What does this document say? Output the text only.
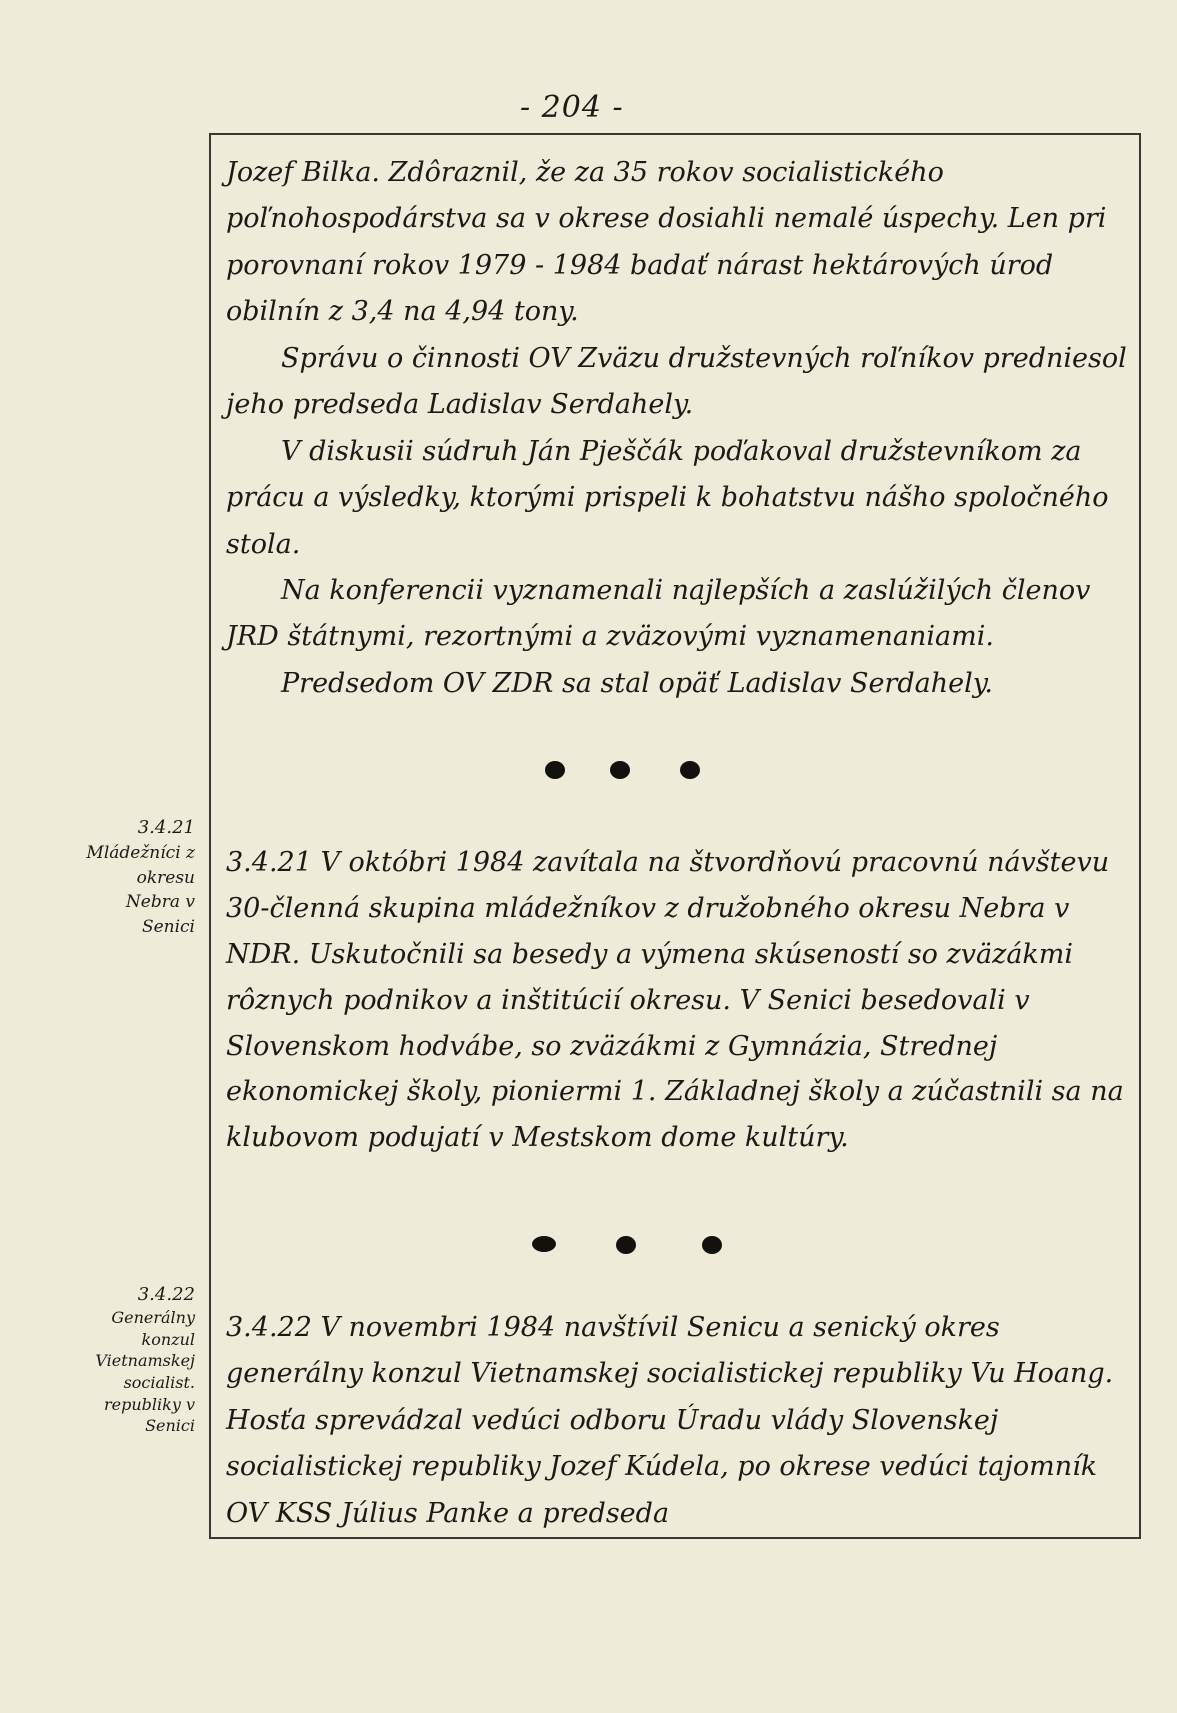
- 204 -

Jozef Bilka. Zdôraznil, že za 35 rokov socialistického poľnohospodárstva sa v okrese dosiahli nemalé úspechy. Len pri porovnaní rokov 1979 - 1984 badať nárast hektárových úrod obilnín z 3,4 na 4,94 tony.

Správu o činnosti OV Zväzu družstevných roľníkov predniesol jeho predseda Ladislav Serdahely.

V diskusii súdruh Ján Pješčák poďakoval družstevníkom za prácu a výsledky, ktorými prispeli k bohatstvu nášho spoločného stola.

Na konferencii vyznamenali najlepších a zaslúžilých členov JRD štátnymi, rezortnými a zväzovými vyznamenaniami.

Predsedom OV ZDR sa stal opäť Ladislav Serdahely.

3.4.21
Mládežníci z okresu Nebra v Senici

3.4.21 V októbri 1984 zavítala na štvordňovú pracovnú návštevu 30-členná skupina mládežníkov z družobného okresu Nebra v NDR. Uskutočnili sa besedy a výmena skúseností so zväzákmi rôznych podnikov a inštitúcií okresu. V Senici besedovali v Slovenskom hodvábe, so zväzákmi z Gymnázia, Strednej ekonomickej školy, pioniermi 1. Základnej školy a zúčastnili sa na klubovom podujatí v Mestskom dome kultúry.

3.4.22
Generálny konzul Vietnamskej socialist. republiky v Senici

3.4.22 V novembri 1984 navštívil Senicu a senický okres generálny konzul Vietnamskej socialistickej republiky Vu Hoang. Hosťa sprevádzal vedúci odboru Úradu vlády Slovenskej socialistickej republiky Jozef Kúdela, po okrese vedúci tajomník OV KSS Július Panke a predseda
